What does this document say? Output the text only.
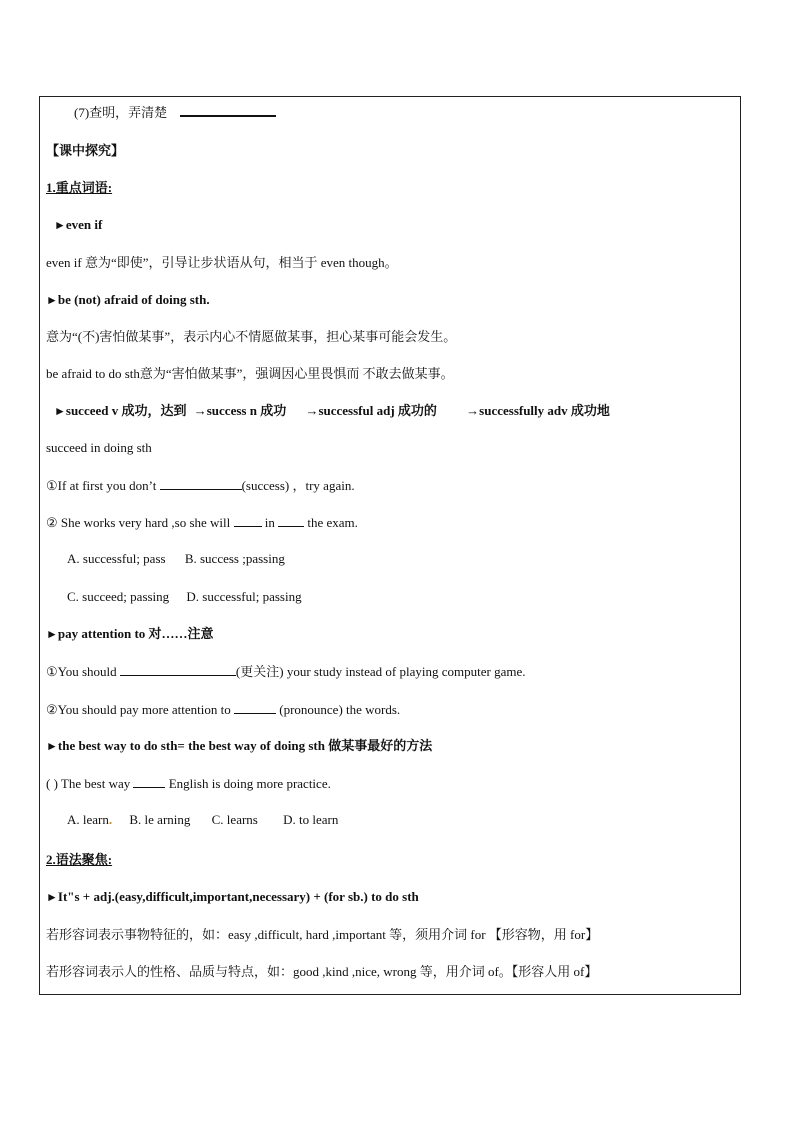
(7)查明，弄清楚
【课中探究】
1.重点词语:
►even if
even if 意为“即使”，引导让步状语从句，相当于 even though。
►be (not) afraid of doing sth.
意为“(不)害怕做某事”，表示内心不情愿做某事，担心某事可能会发生。
be afraid to do sth意为“害怕做某事”，强调因心里畏惧而 不敢去做某事。
►succeed v 成功，达到 →success n 成功 →successful adj 成功的 →successfully adv 成功地
succeed in doing sth
①If at first you don’t	(success) ，try again.
② She works very hard ,so she will	in	the exam.
A. successful; pass B. success ;passing
C. succeed; passing D. successful; passing
►pay attention to 对……注意
①You should	(更关注) your study instead of playing computer game.
②You should pay more attention to	(pronounce) the words.
►the best way to do sth= the best way of doing sth 做某事最好的方法
( ) The best way	English is doing more practice.
A. learn. B. le arning C. learns D. to learn
2.语法聚焦:
►It"s + adj.(easy,difficult,important,necessary) + (for sb.) to do sth
若形容词表示事物特征的，如：easy ,difficult, hard ,important 等，须用介词 for 【形容物，用 for】
若形容词表示人的性格、品质与特点，如：good ,kind ,nice, wrong 等，用介词 of。【形容人用 of】
